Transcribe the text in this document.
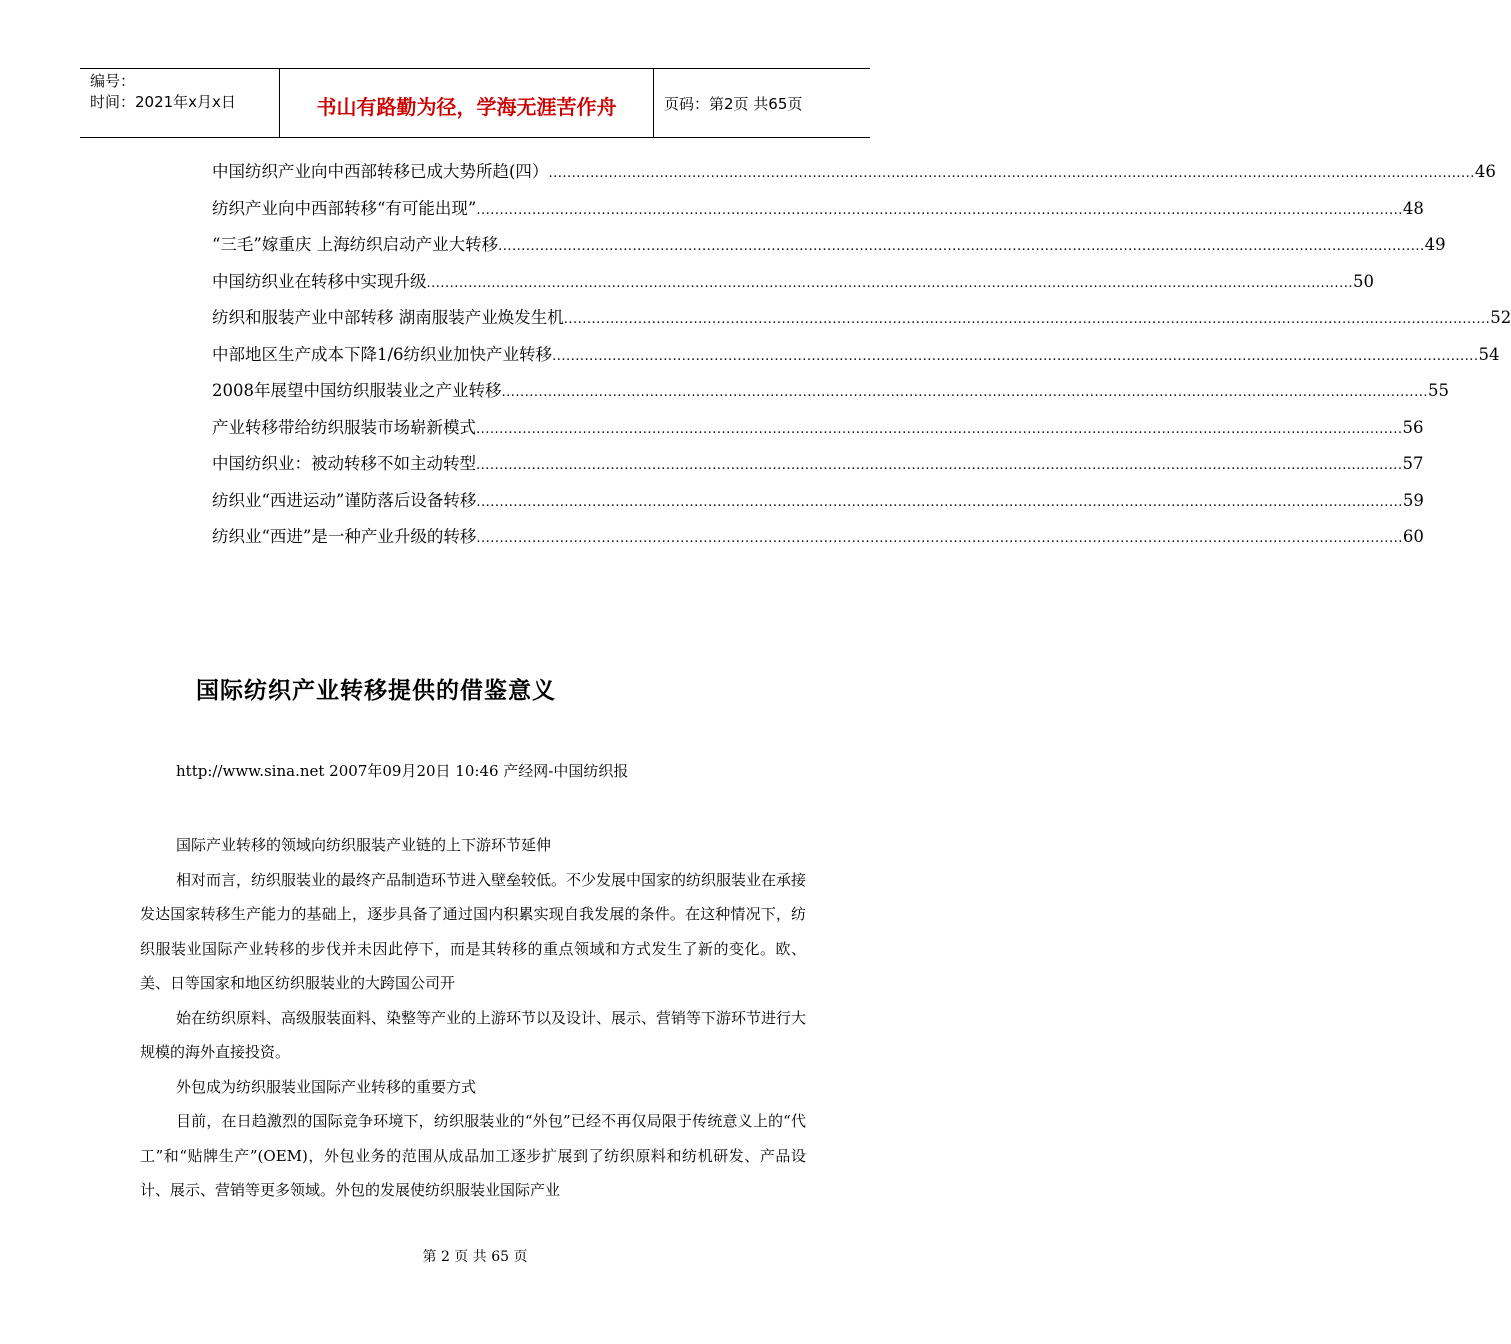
编号：
时间：2021年x月x日	书山有路勤为径，学海无涯苦作舟	页码：第2页 共65页
中国纺织产业向中西部转移已成大势所趋(四） ........................................................................................................................................................................................................ 46
纺织产业向中西部转移“有可能出现” ........................................................................................................................................................................................................ 48
“三毛”嫁重庆 上海纺织启动产业大转移 ........................................................................................................................................................................................................ 49
中国纺织业在转移中实现升级 ........................................................................................................................................................................................................ 50
纺织和服装产业中部转移 湖南服装产业焕发生机 ........................................................................................................................................................................................................ 52
中部地区生产成本下降1/6纺织业加快产业转移 ........................................................................................................................................................................................................ 54
2008年展望中国纺织服装业之产业转移 ........................................................................................................................................................................................................ 55
产业转移带给纺织服装市场崭新模式 ........................................................................................................................................................................................................ 56
中国纺织业：被动转移不如主动转型 ........................................................................................................................................................................................................ 57
纺织业“西进运动”谨防落后设备转移 ........................................................................................................................................................................................................ 59
纺织业“西进”是一种产业升级的转移 ........................................................................................................................................................................................................ 60
国际纺织产业转移提供的借鉴意义
http://www.sina.net 2007年09月20日 10:46 产经网-中国纺织报

国际产业转移的领域向纺织服装产业链的上下游环节延伸

相对而言，纺织服装业的最终产品制造环节进入壁垒较低。不少发展中国家的纺织服装业在承接发达国家转移生产能力的基础上，逐步具备了通过国内积累实现自我发展的条件。在这种情况下，纺织服装业国际产业转移的步伐并未因此停下，而是其转移的重点领域和方式发生了新的变化。欧、美、日等国家和地区纺织服装业的大跨国公司开

始在纺织原料、高级服装面料、染整等产业的上游环节以及设计、展示、营销等下游环节进行大规模的海外直接投资。

外包成为纺织服装业国际产业转移的重要方式

目前，在日趋激烈的国际竞争环境下，纺织服装业的“外包”已经不再仅局限于传统意义上的“代工”和“贴牌生产”(OEM)，外包业务的范围从成品加工逐步扩展到了纺织原料和纺机研发、产品设计、展示、营销等更多领域。外包的发展使纺织服装业国际产业

第 2 页 共 65 页
